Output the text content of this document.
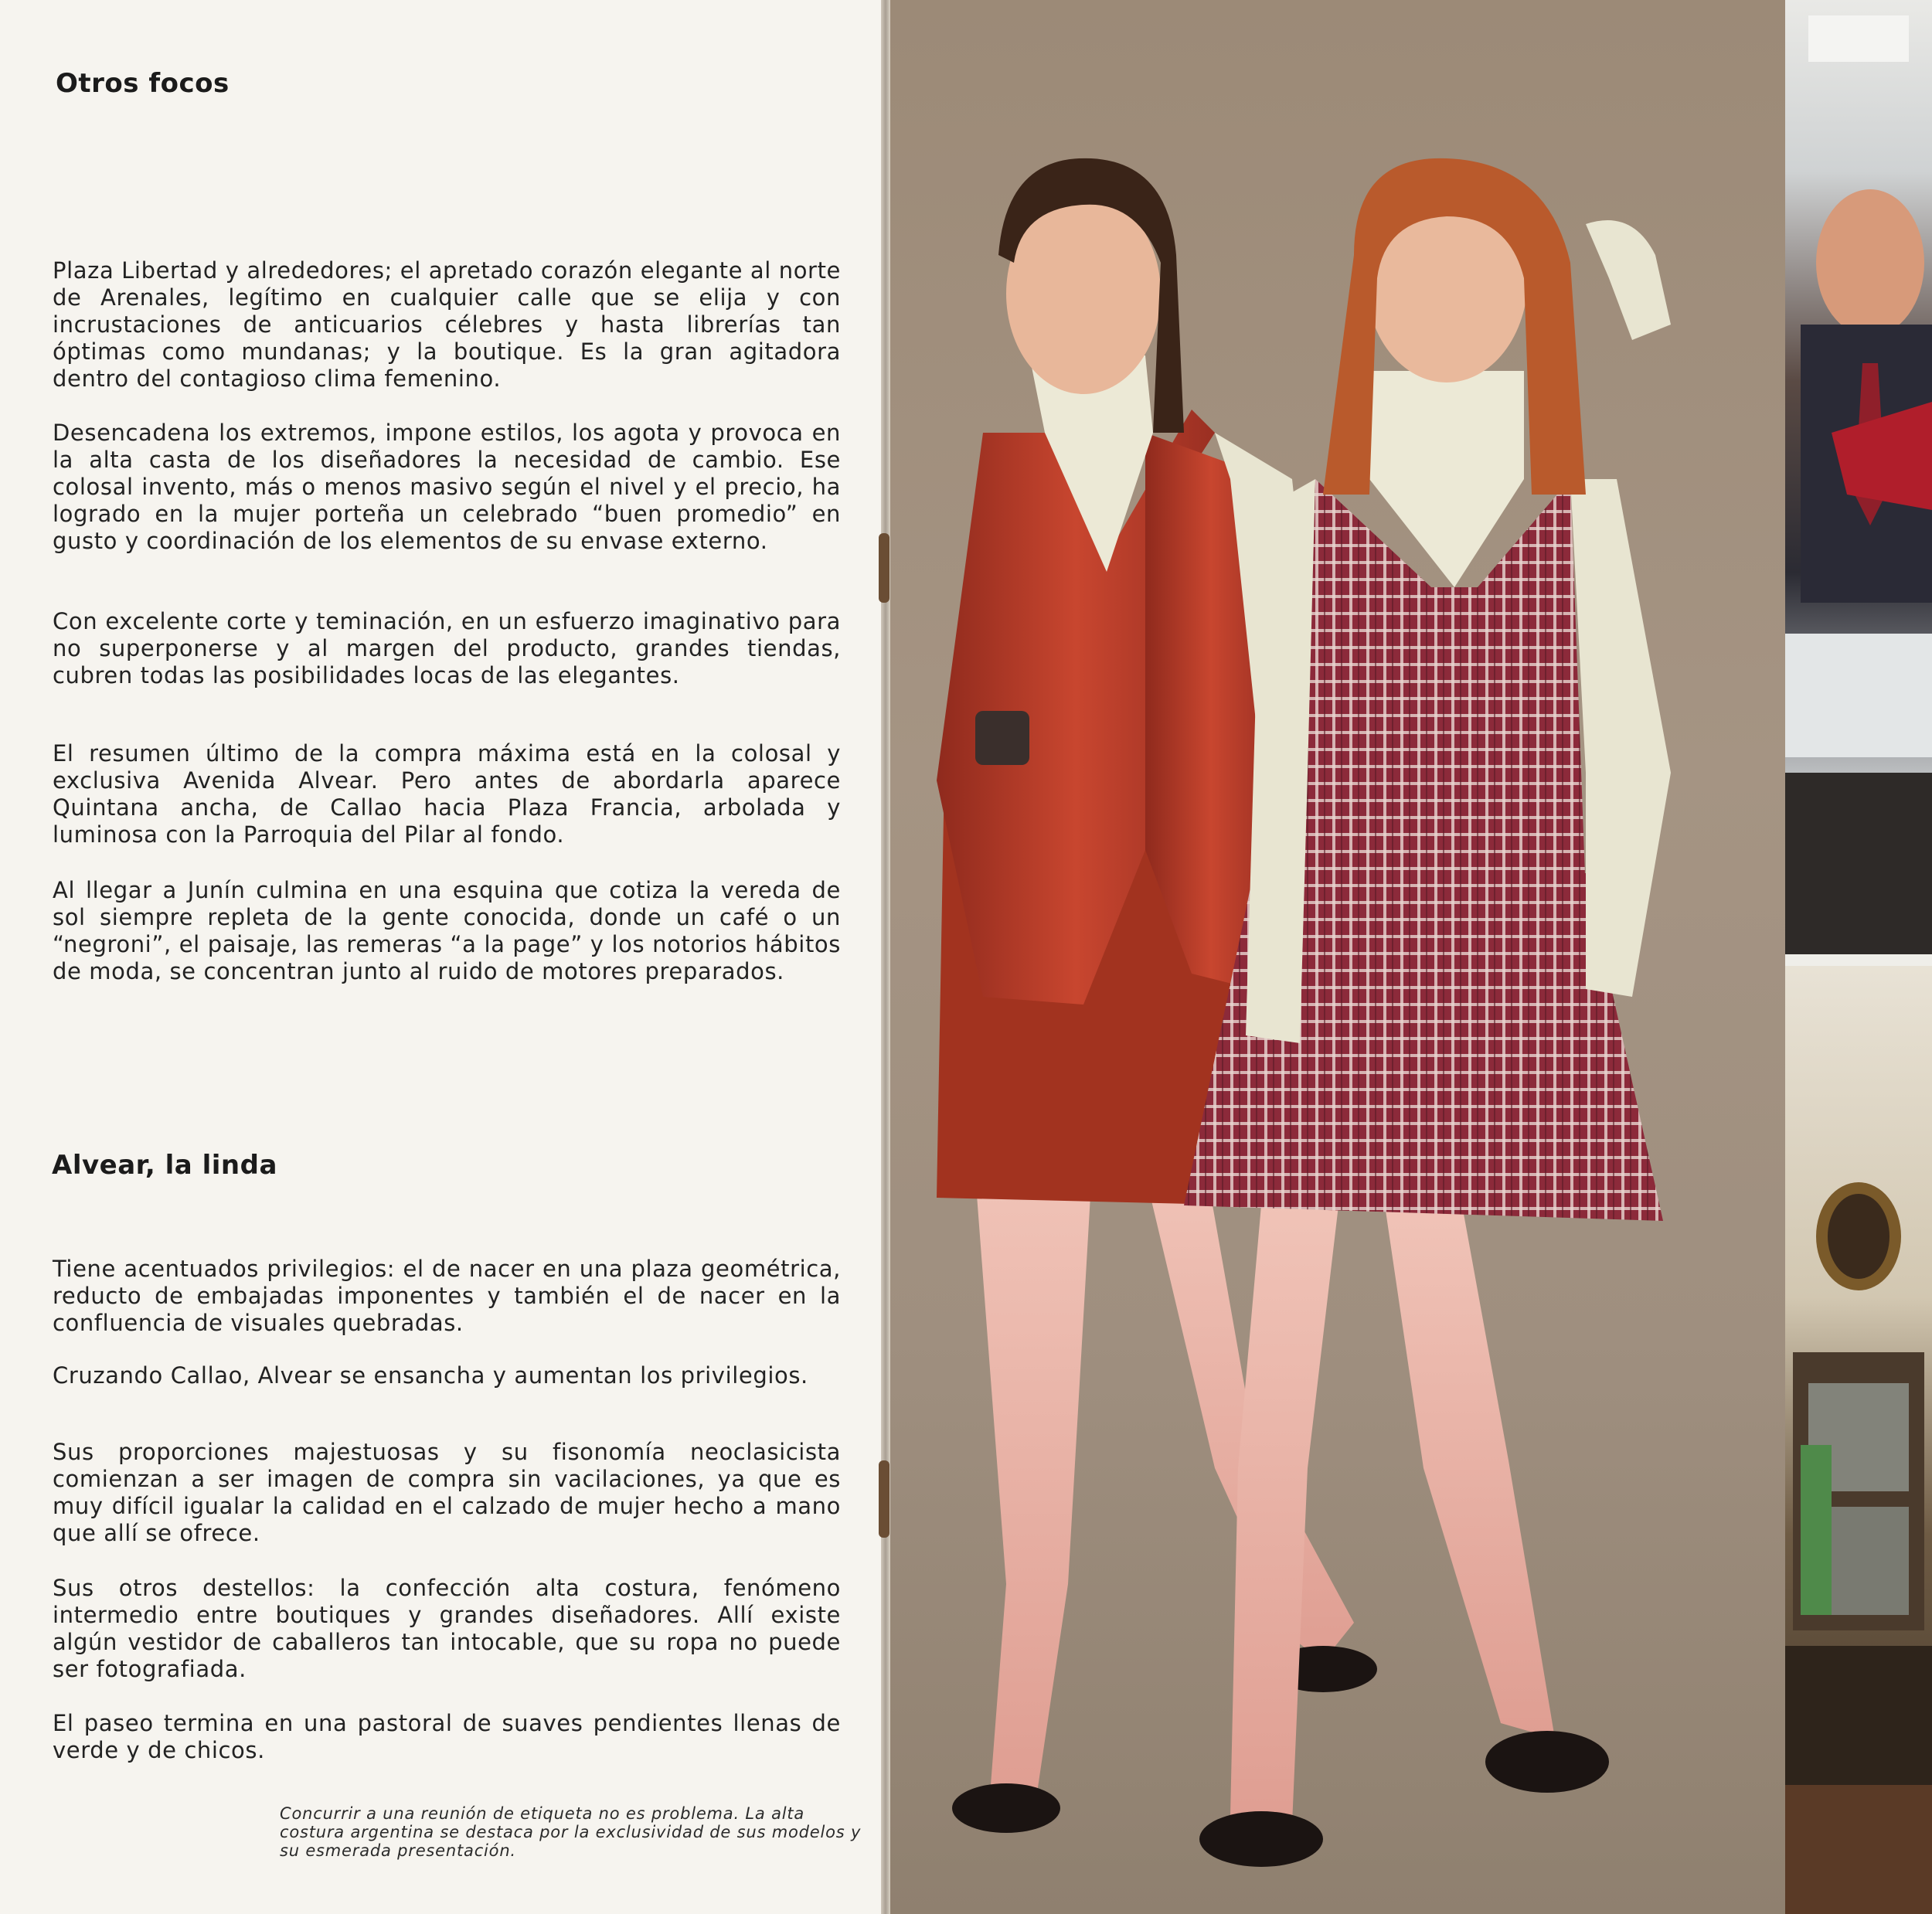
Otros focos

Plaza Libertad y alrededores; el apretado corazón elegante al norte de Arenales, legítimo en cualquier calle que se elija y con incrustaciones de anticuarios célebres y hasta librerías tan óptimas como mundanas; y la boutique. Es la gran agitadora dentro del contagioso clima femenino.

Desencadena los extremos, impone estilos, los agota y provoca en la alta casta de los diseñadores la necesidad de cambio. Ese colosal invento, más o menos masivo según el nivel y el precio, ha logrado en la mujer porteña un celebrado “buen promedio” en gusto y coordinación de los elementos de su envase externo.

Con excelente corte y teminación, en un esfuerzo imaginativo para no superponerse y al margen del producto, grandes tiendas, cubren todas las posibilidades locas de las elegantes.

El resumen último de la compra máxima está en la colosal y exclusiva Avenida Alvear. Pero antes de abordarla aparece Quintana ancha, de Callao hacia Plaza Francia, arbolada y luminosa con la Parroquia del Pilar al fondo.

Al llegar a Junín culmina en una esquina que cotiza la vereda de sol siempre repleta de la gente conocida, donde un café o un “negroni”, el paisaje, las remeras “a la page” y los notorios hábitos de moda, se concentran junto al ruido de motores preparados.

Alvear, la linda

Tiene acentuados privilegios: el de nacer en una plaza geométrica, reducto de embajadas imponentes y también el de nacer en la confluencia de visuales quebradas.

Cruzando Callao, Alvear se ensancha y aumentan los privilegios.

Sus proporciones majestuosas y su fisonomía neoclasicista comienzan a ser imagen de compra sin vacilaciones, ya que es muy difícil igualar la calidad en el calzado de mujer hecho a mano que allí se ofrece.

Sus otros destellos: la confección alta costura, fenómeno intermedio entre boutiques y grandes diseñadores. Allí existe algún vestidor de caballeros tan intocable, que su ropa no puede ser fotografiada.

El paseo termina en una pastoral de suaves pendientes llenas de verde y de chicos.

Concurrir a una reunión de etiqueta no es problema. La alta costura argentina se destaca por la exclusividad de sus modelos y su esmerada presentación.
